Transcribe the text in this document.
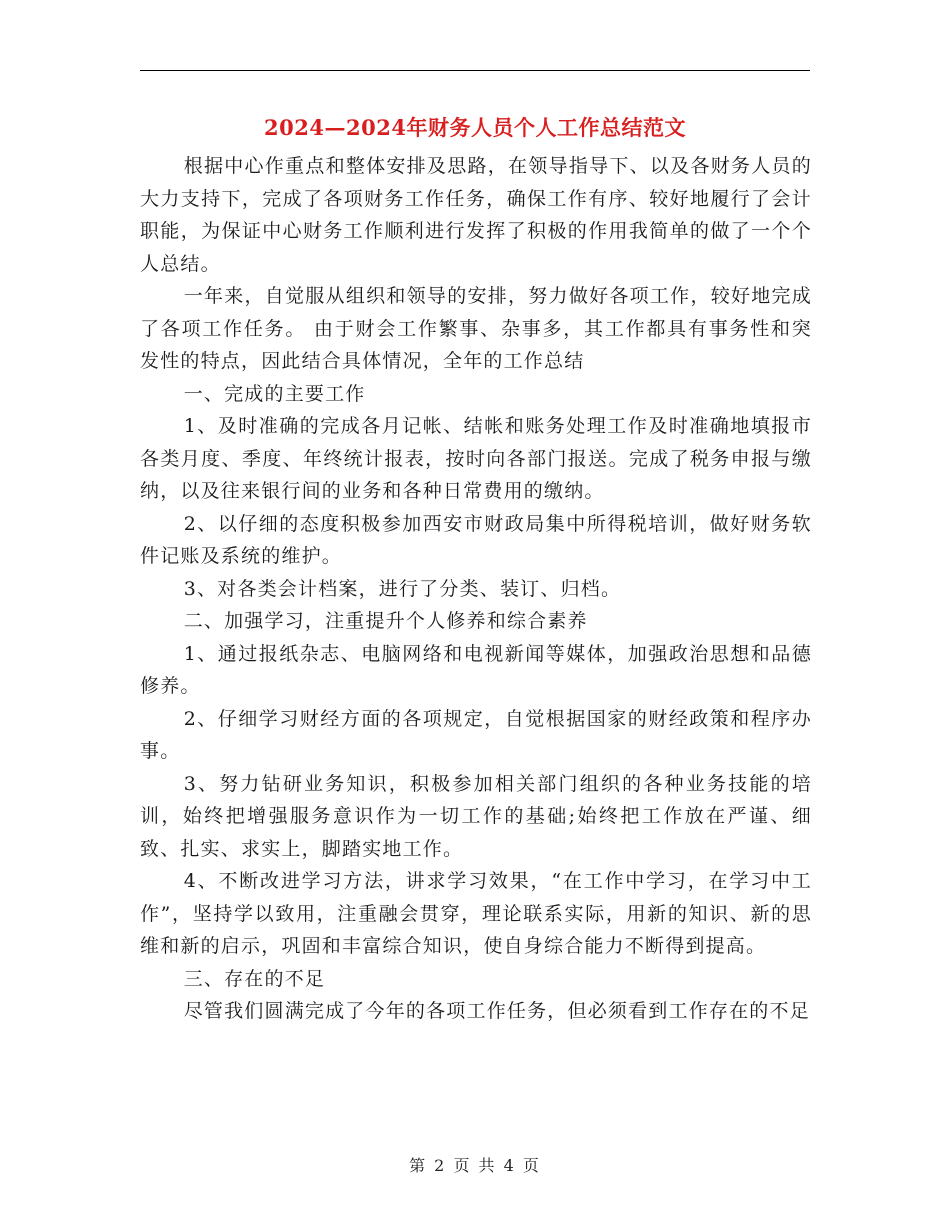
2024—2024年财务人员个人工作总结范文

根据中心作重点和整体安排及思路，在领导指导下、以及各财务人员的大力支持下，完成了各项财务工作任务，确保工作有序、较好地履行了会计职能，为保证中心财务工作顺利进行发挥了积极的作用我简单的做了一个个人总结。

一年来，自觉服从组织和领导的安排，努力做好各项工作，较好地完成了各项工作任务。 由于财会工作繁事、杂事多，其工作都具有事务性和突发性的特点，因此结合具体情况，全年的工作总结

一、完成的主要工作

1、及时准确的完成各月记帐、结帐和账务处理工作及时准确地填报市各类月度、季度、年终统计报表，按时向各部门报送。完成了税务申报与缴纳，以及往来银行间的业务和各种日常费用的缴纳。

2、以仔细的态度积极参加西安市财政局集中所得税培训，做好财务软件记账及系统的维护。

3、对各类会计档案，进行了分类、装订、归档。

二、加强学习，注重提升个人修养和综合素养

1、通过报纸杂志、电脑网络和电视新闻等媒体，加强政治思想和品德修养。

2、仔细学习财经方面的各项规定，自觉根据国家的财经政策和程序办事。

3、努力钻研业务知识，积极参加相关部门组织的各种业务技能的培训，始终把增强服务意识作为一切工作的基础;始终把工作放在严谨、细致、扎实、求实上，脚踏实地工作。

4、不断改进学习方法，讲求学习效果，“在工作中学习，在学习中工作”，坚持学以致用，注重融会贯穿，理论联系实际，用新的知识、新的思维和新的启示，巩固和丰富综合知识，使自身综合能力不断得到提高。

三、存在的不足

尽管我们圆满完成了今年的各项工作任务，但必须看到工作存在的不足

第 2 页 共 4 页
